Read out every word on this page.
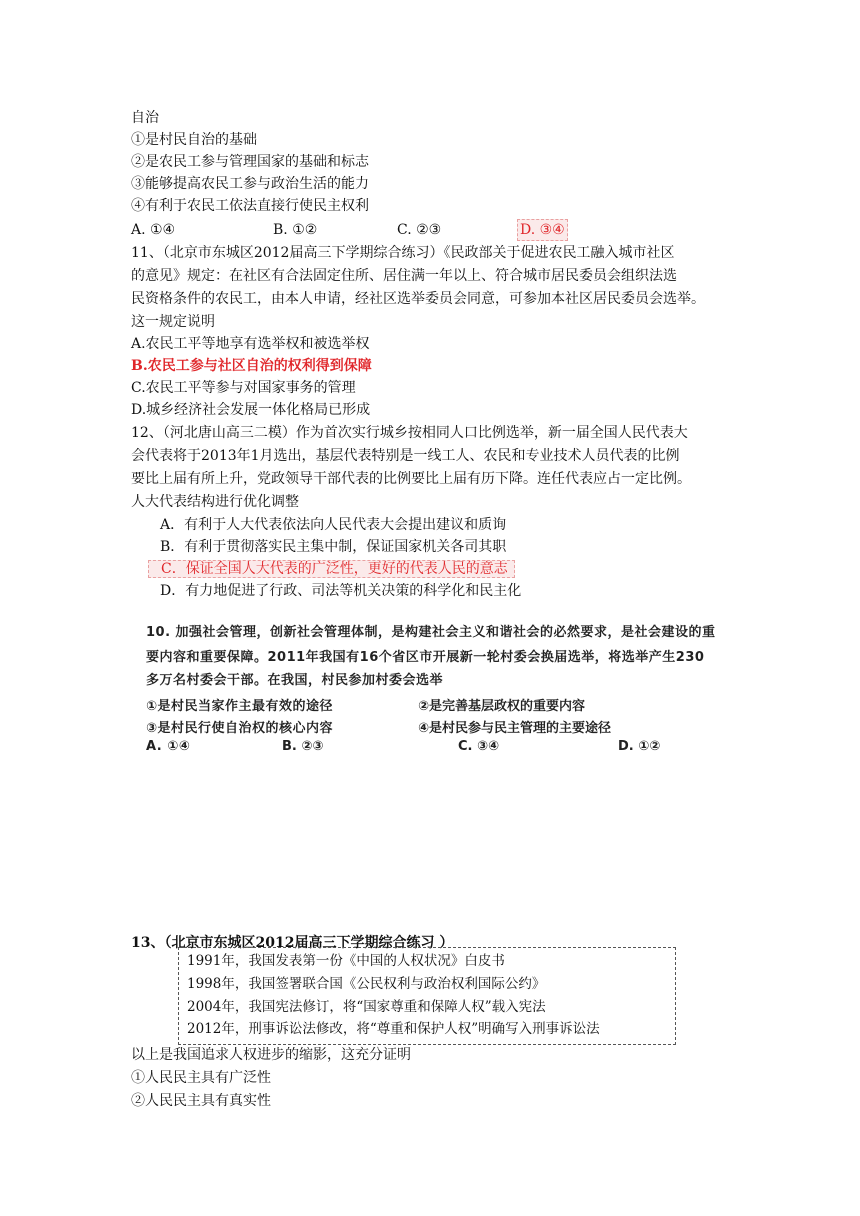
自治
①是村民自治的基础
②是农民工参与管理国家的基础和标志
③能够提高农民工参与政治生活的能力
④有利于农民工依法直接行使民主权利
A. ①④	B. ①②	C. ②③	D. ③④
11、（北京市东城区2012届高三下学期综合练习）《民政部关于促进农民工融入城市社区
的意见》规定：在社区有合法固定住所、居住满一年以上、符合城市居民委员会组织法选
民资格条件的农民工，由本人申请，经社区选举委员会同意，可参加本社区居民委员会选举。
这一规定说明
A.农民工平等地享有选举权和被选举权
B.农民工参与社区自治的权利得到保障
C.农民工平等参与对国家事务的管理
D.城乡经济社会发展一体化格局已形成
12、（河北唐山高三二模）作为首次实行城乡按相同人口比例选举，新一届全国人民代表大
会代表将于2013年1月选出，基层代表特别是一线工人、农民和专业技术人员代表的比例
要比上届有所上升，党政领导干部代表的比例要比上届有历下降。连任代表应占一定比例。
人大代表结构进行优化调整
A．有利于人大代表依法向人民代表大会提出建议和质询
B．有利于贯彻落实民主集中制，保证国家机关各司其职
C．保证全国人大代表的广泛性，更好的代表人民的意志
D．有力地促进了行政、司法等机关决策的科学化和民主化
10. 加强社会管理，创新社会管理体制，是构建社会主义和谐社会的必然要求，是社会建设的重
要内容和重要保障。2011年我国有16个省区市开展新一轮村委会换届选举，将选举产生230
多万名村委会干部。在我国，村民参加村委会选举
①是村民当家作主最有效的途径	②是完善基层政权的重要内容
③是村民行使自治权的核心内容	④是村民参与民主管理的主要途径
A. ①④	B. ②③	C. ③④	D. ①②
13、（北京市东城区2012届高三下学期综合练习 ）
1991年，我国发表第一份《中国的人权状况》白皮书
1998年，我国签署联合国《公民权利与政治权利国际公约》
2004年，我国宪法修订，将“国家尊重和保障人权”载入宪法
2012年，刑事诉讼法修改，将“尊重和保护人权”明确写入刑事诉讼法
以上是我国追求人权进步的缩影，这充分证明
①人民民主具有广泛性
②人民民主具有真实性
